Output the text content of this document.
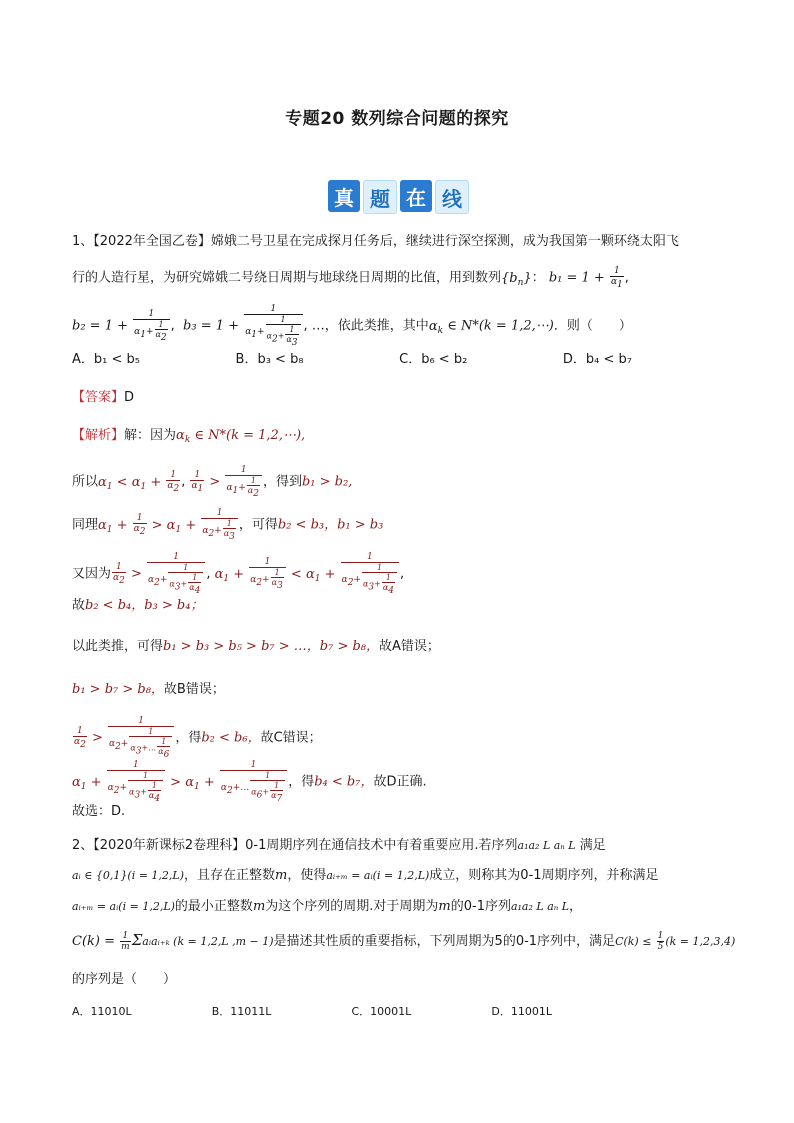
专题20 数列综合问题的探究
真 题 在 线
1、【2022年全国乙卷】嫦娥二号卫星在完成探月任务后，继续进行深空探测，成为我国第一颗环绕太阳飞
行的人造行星，为研究嫦娥二号绕日周期与地球绕日周期的比值，用到数列$\{b_n\}$： $b_1 = 1 + \frac{1}{\alpha 1}$ ,
$b_2 = 1 + \frac{1}{\alpha 1+ \frac{1}{\alpha 2}}$ ,  $b_3 = 1 + \frac{1}{\alpha 1+ \frac{1}{\alpha 2+ \frac{1}{\alpha 3}}}$ , …，依此类推，其中$\alpha_k$ ∈ N*(k = 1,2,⋯)．则（　　）
A．b₁ < b₅	B．b₃ < b₈	C．b₆ < b₂	D．b₄ < b₇
【答案】D
【解析】解：因为$\alpha_k$ ∈ N*(k = 1,2,⋯),
所以$\alpha_1 < \alpha_1 + \frac{1}{\alpha 2}$ , $\frac{1}{\alpha 1} > \frac{1}{\alpha 1+ \frac{1}{\alpha 2}}$ ，得到b₁ > b₂,
同理$\alpha_1 + \frac{1}{\alpha 2} > \alpha_1 + \frac{1}{\alpha 2+ \frac{1}{\alpha 3}}$ ，可得b₂ < b₃，b₁ > b₃
又因为 $\frac{1}{\alpha 2} > \frac{1}{\alpha 2+ \frac{1}{\alpha 3+ \frac{1}{\alpha 4}}}$ , $\alpha_1 + \frac{1}{\alpha 2+ \frac{1}{\alpha 3}} < \alpha_1 + \frac{1}{\alpha 2+ \frac{1}{\alpha 3+ \frac{1}{\alpha 4}}}$ ,
故b₂ < b₄，b₃ > b₄；
以此类推，可得b₁ > b₃ > b₅ > b₇ > …，b₇ > b₈，故A错误；
b₁ > b₇ > b₈，故B错误；
$\frac{1}{\alpha 2} > \frac{1}{\alpha 2+ \frac{1}{\alpha 3+\dots \frac{1}{\alpha 6}}}$ ，得b₂ < b₆，故C错误；
$\alpha_1 + \frac{1}{\alpha 2+ \frac{1}{\alpha 3+ \frac{1}{\alpha 4}}} > \alpha_1 + \frac{1}{\alpha 2+\dots \frac{1}{\alpha 6+ \frac{1}{\alpha 7}}}$ ，得b₄ < b₇，故D正确.
故选：D.
2、【2020年新课标2卷理科】0-1周期序列在通信技术中有着重要应用.若序列a₁a₂ L aₙ L 满足
aᵢ ∈ {0,1}(i = 1,2,L)，且存在正整数m，使得aᵢ₊ₘ = aᵢ(i = 1,2,L)成立，则称其为0-1周期序列，并称满足
aᵢ₊ₘ = aᵢ(i = 1,2,L)的最小正整数m为这个序列的周期.对于周期为m的0-1序列a₁a₂ L aₙ L，
$C(k) = \frac{1}{m}$ Σaᵢaᵢ₊ₖ (k = 1,2,L ,m − 1)是描述其性质的重要指标，下列周期为5的0-1序列中，满足$C(k) \le \frac{1}{5} (k = 1,2,3,4)$
的序列是（　　）
A．11010L	B．11011L	C．10001L	D．11001L
